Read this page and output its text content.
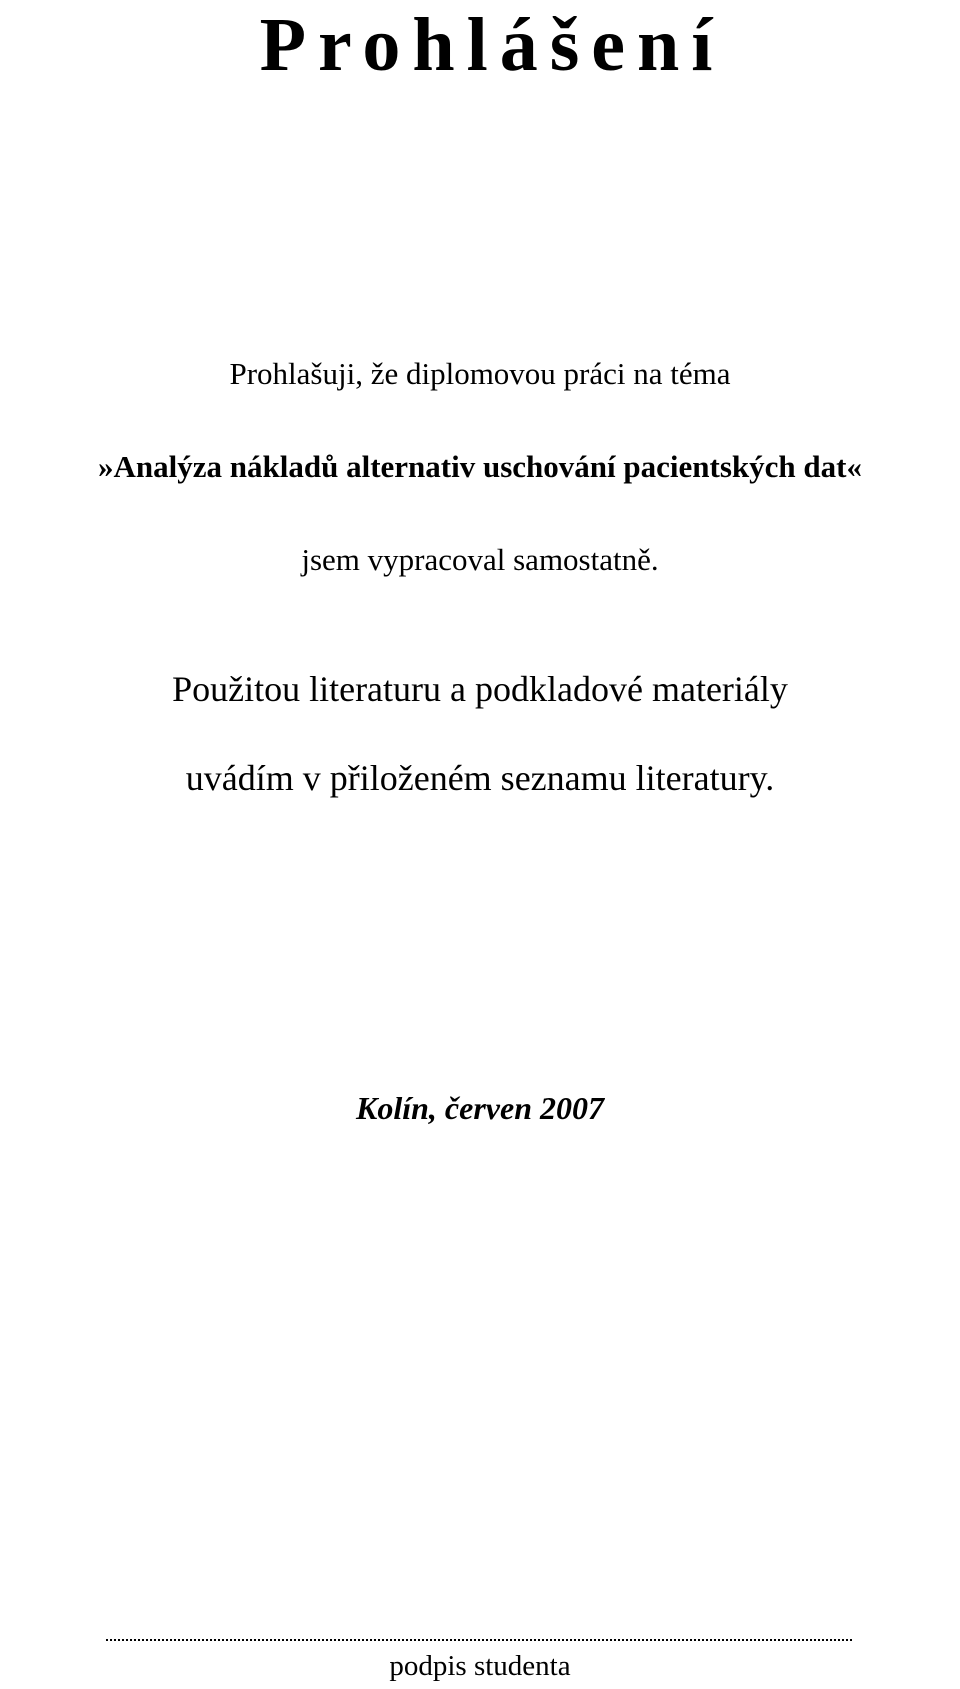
Prohlášení

Prohlašuji, že diplomovou práci na téma

»Analýza nákladů alternativ uschování pacientských dat«

jsem vypracoval samostatně.

Použitou literaturu a podkladové materiály

uvádím v přiloženém seznamu literatury.

Kolín, červen 2007

podpis studenta
